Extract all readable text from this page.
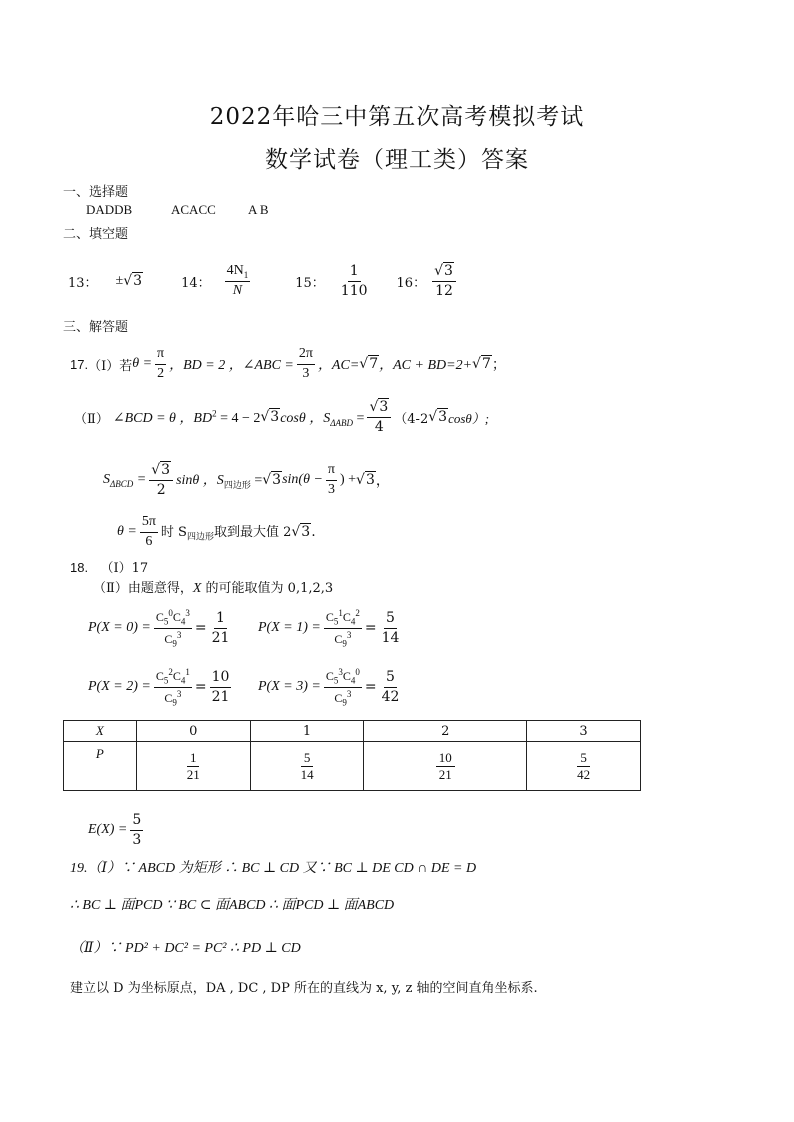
2022年哈三中第五次高考模拟考试
数学试卷（理工类）答案
一、选择题
DADDB	ACACC A B
二、填空题
13： ± √3	14： $\frac{4N_1}{N}$	15： $\frac{1}{110} 16$： $\frac{√3}{12}$
三、解答题
17. （Ⅰ）若 $\theta = \frac{\pi}{2}$ ，BD = 2 ，∠ABC = $\frac{2\pi}{3}$ ，AC= √7 ，AC + BD=2+ √7 ；
（Ⅱ） ∠BCD = θ ，$BD^2 = 4 - 2$ √3 cosθ ，$S_{\Delta ABD} = \frac{√3}{4} (4-2$ √3 cosθ）;
$S_{\Delta BCD} = \frac{√3}{2}$ sinθ ，$S_{四边形} = √3$ $\sin(\theta - \frac{\pi}{3}$ ) + √3 ，
$\theta = \frac{5\pi}{6}$ 时 $S_{四边形}$取到最大值 2 √3 .
18. （Ⅰ）17
（Ⅱ）由题意得，X 的可能取值为 0,1,2,3
$P(X = 0) = \frac{C_5^0C_4^3}{C_9^3} = \frac{1}{21} P(X = 1) = \frac{C_5^1C_4^2}{C_9^3} = \frac{5}{14}$
$P(X = 2) = \frac{C_5^2C_4^1}{C_9^3} = \frac{10}{21} P(X = 3) = \frac{C_5^3C_4^0}{C_9^3} = \frac{5}{42}$
X	0	1	2	3
P	$\frac{1}{21}$	$\frac{5}{14}$	$\frac{10}{21}$	$\frac{5}{42}$
$E(X) = \frac{5}{3}$
19.（Ⅰ）∵ ABCD 为矩形 ∴ BC ⊥ CD 又∵ BC ⊥ DE CD ∩ DE = D
∴ BC ⊥ 面PCD ∵ BC ⊂ 面ABCD ∴ 面PCD ⊥ 面ABCD
（Ⅱ）∵ PD² + DC² = PC² ∴ PD ⊥ CD
建立以 D 为坐标原点，DA , DC , DP 所在的直线为 x, y, z 轴的空间直角坐标系.
